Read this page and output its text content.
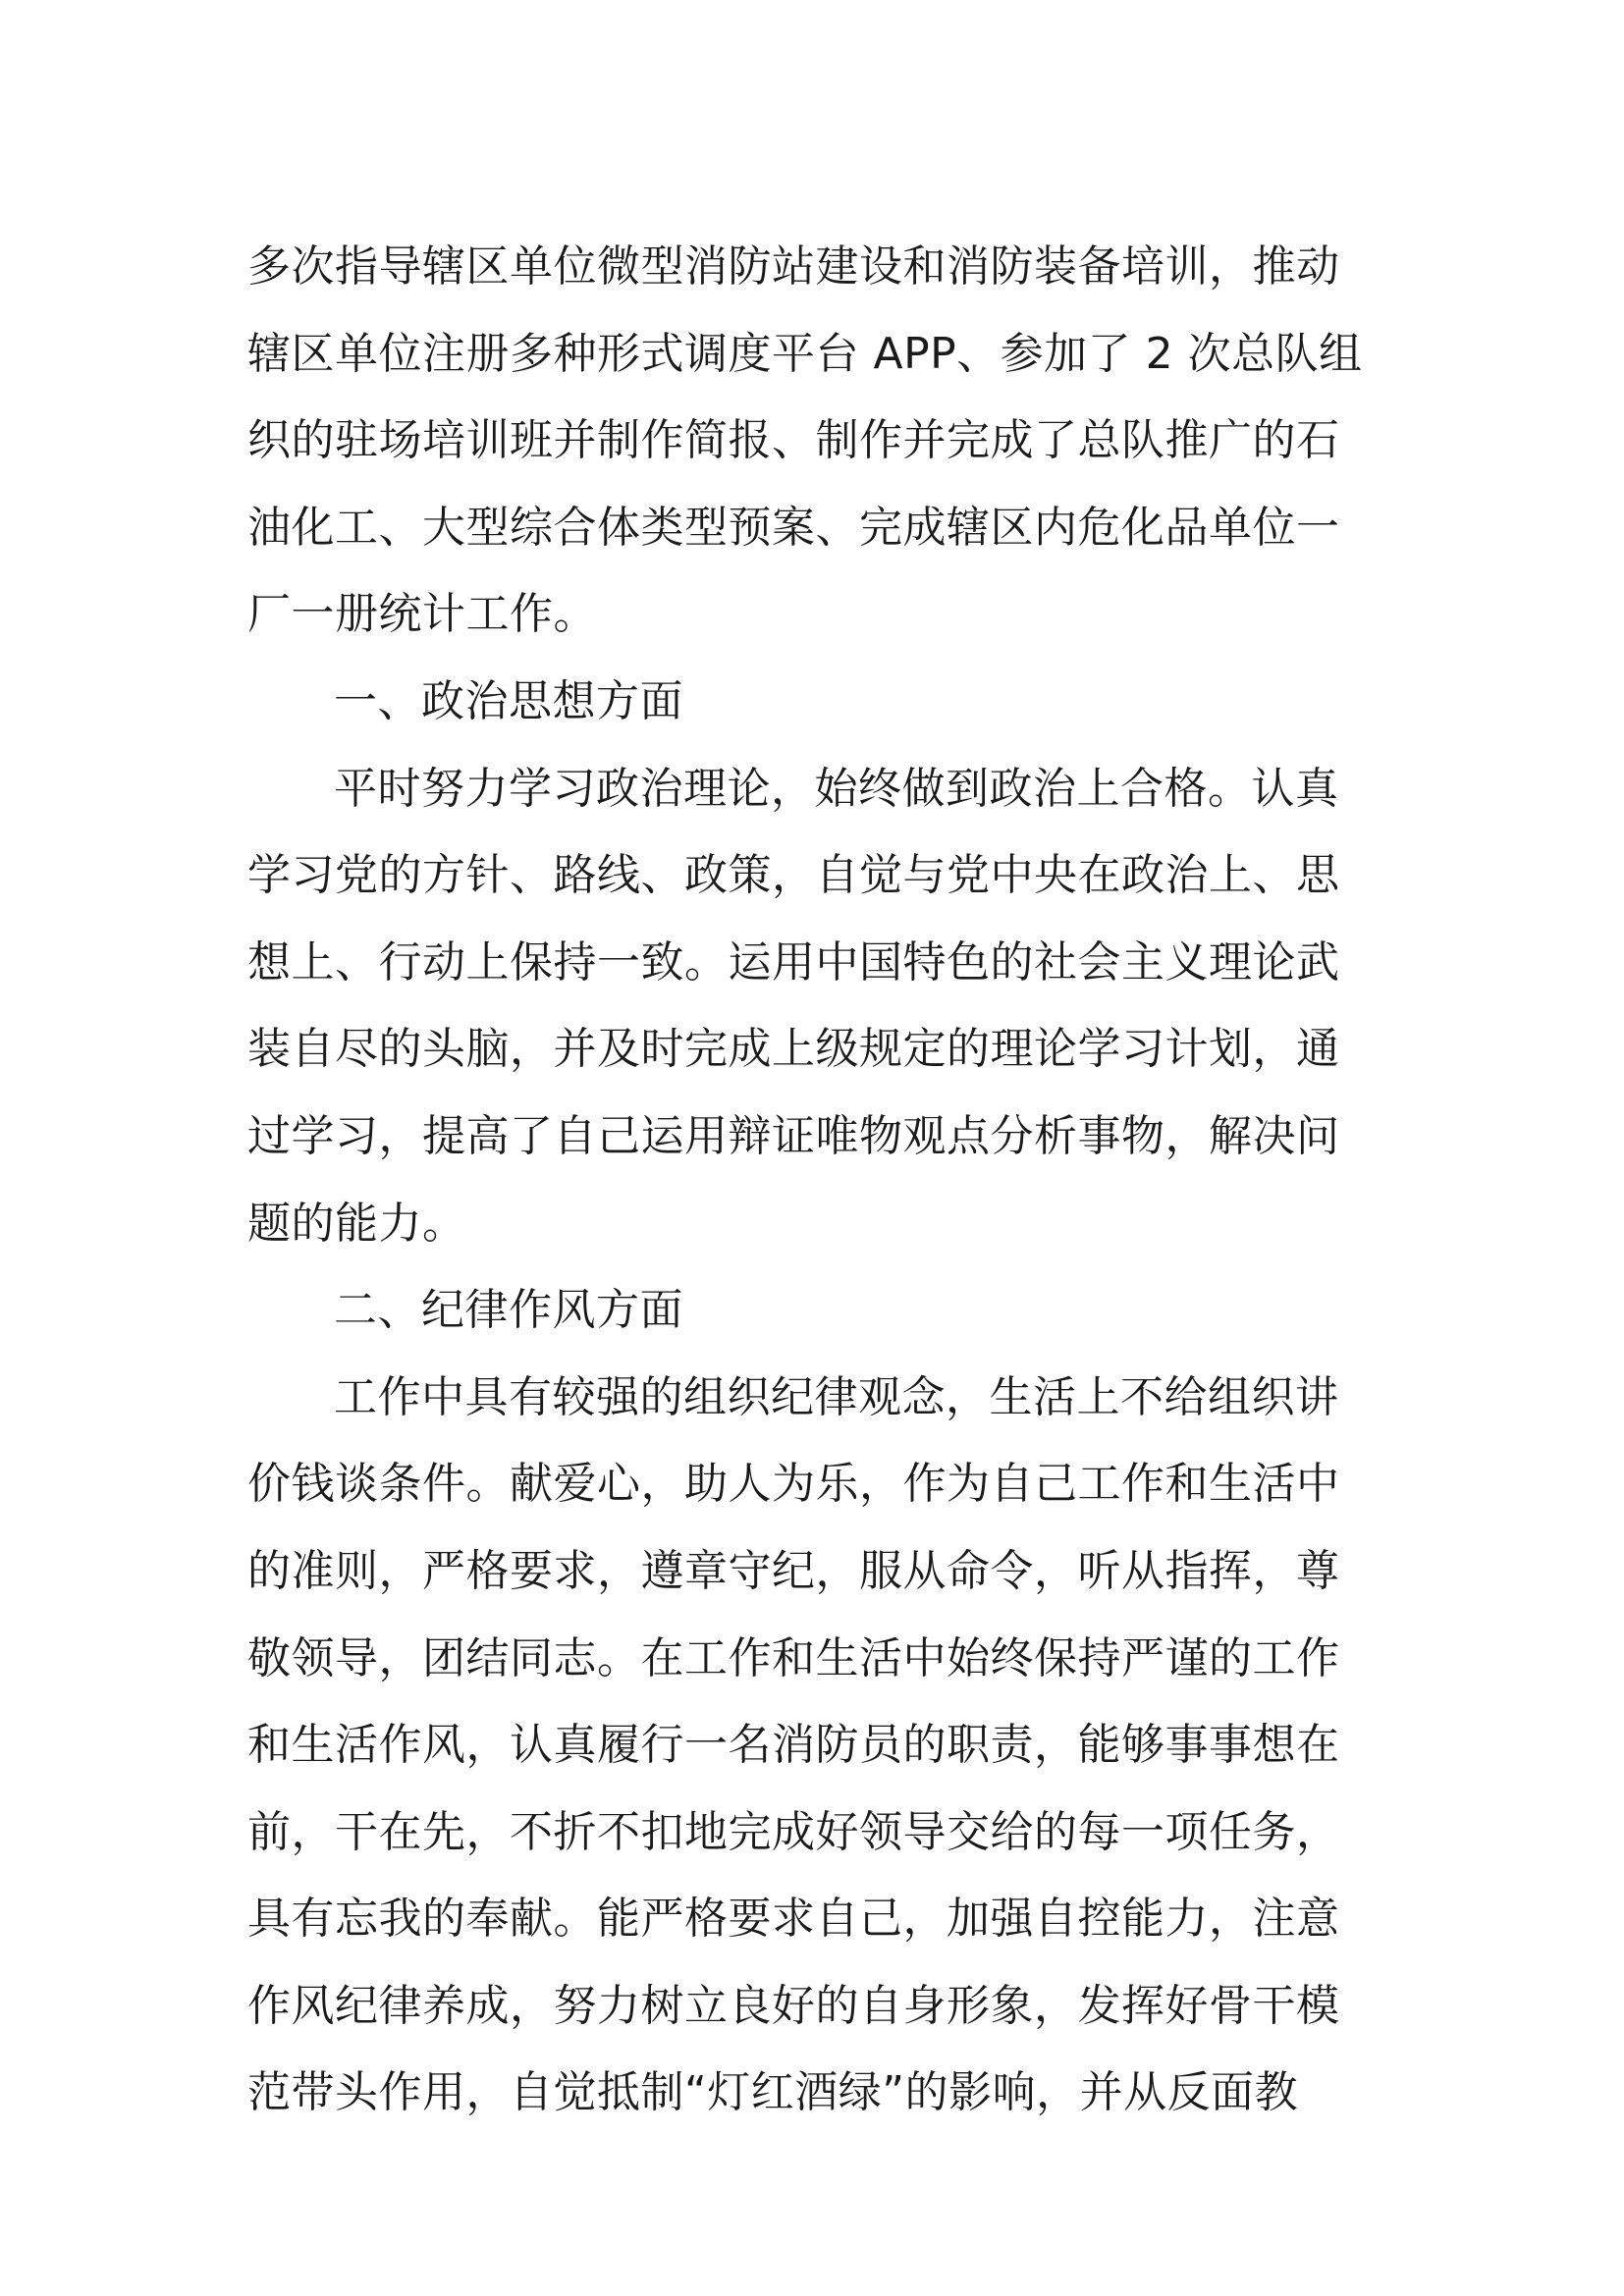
多次指导辖区单位微型消防站建设和消防装备培训，推动
辖区单位注册多种形式调度平台 APP、参加了 2 次总队组
织的驻场培训班并制作简报、制作并完成了总队推广的石
油化工、大型综合体类型预案、完成辖区内危化品单位一
厂一册统计工作。
一、政治思想方面
平时努力学习政治理论，始终做到政治上合格。认真
学习党的方针、路线、政策，自觉与党中央在政治上、思
想上、行动上保持一致。运用中国特色的社会主义理论武
装自尽的头脑，并及时完成上级规定的理论学习计划，通
过学习，提高了自己运用辩证唯物观点分析事物，解决问
题的能力。
二、纪律作风方面
工作中具有较强的组织纪律观念，生活上不给组织讲
价钱谈条件。献爱心，助人为乐，作为自己工作和生活中
的准则，严格要求，遵章守纪，服从命令，听从指挥，尊
敬领导，团结同志。在工作和生活中始终保持严谨的工作
和生活作风，认真履行一名消防员的职责，能够事事想在
前，干在先，不折不扣地完成好领导交给的每一项任务，
具有忘我的奉献。能严格要求自己，加强自控能力，注意
作风纪律养成，努力树立良好的自身形象，发挥好骨干模
范带头作用，自觉抵制“灯红酒绿”的影响，并从反面教
